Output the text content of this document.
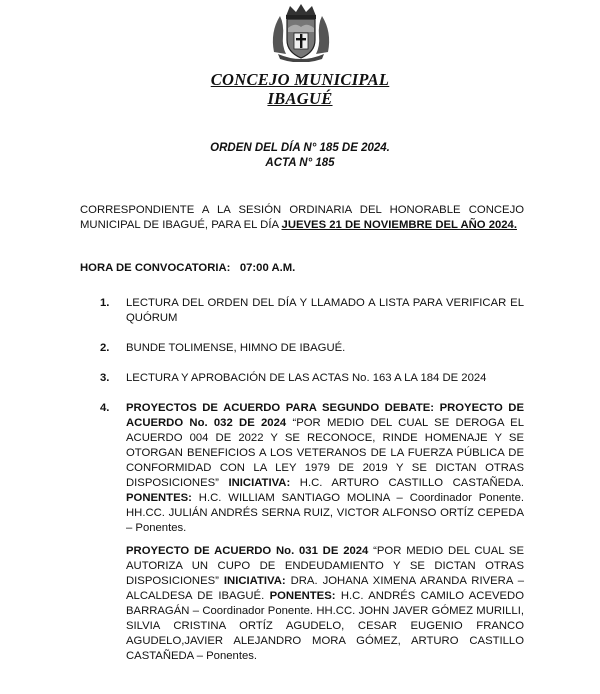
CONCEJO MUNICIPAL
IBAGUÉ
ORDEN DEL DÍA N° 185 DE 2024.
ACTA N° 185
CORRESPONDIENTE A LA SESIÓN ORDINARIA DEL HONORABLE CONCEJO MUNICIPAL DE IBAGUÉ, PARA EL DÍA JUEVES 21 DE NOVIEMBRE DEL AÑO 2024.
HORA DE CONVOCATORIA: 07:00 A.M.
1. LECTURA DEL ORDEN DEL DÍA Y LLAMADO A LISTA PARA VERIFICAR EL QUÓRUM
2. BUNDE TOLIMENSE, HIMNO DE IBAGUÉ.
3. LECTURA Y APROBACIÓN DE LAS ACTAS No. 163 A LA 184 DE 2024
4. PROYECTOS DE ACUERDO PARA SEGUNDO DEBATE: PROYECTO DE ACUERDO No. 032 DE 2024 “POR MEDIO DEL CUAL SE DEROGA EL ACUERDO 004 DE 2022 Y SE RECONOCE, RINDE HOMENAJE Y SE OTORGAN BENEFICIOS A LOS VETERANOS DE LA FUERZA PÚBLICA DE CONFORMIDAD CON LA LEY 1979 DE 2019 Y SE DICTAN OTRAS DISPOSICIONES” INICIATIVA: H.C. ARTURO CASTILLO CASTAÑEDA. PONENTES: H.C. WILLIAM SANTIAGO MOLINA – Coordinador Ponente. HH.CC. JULIÁN ANDRÉS SERNA RUIZ, VICTOR ALFONSO ORTÍZ CEPEDA – Ponentes.
PROYECTO DE ACUERDO No. 031 DE 2024 “POR MEDIO DEL CUAL SE AUTORIZA UN CUPO DE ENDEUDAMIENTO Y SE DICTAN OTRAS DISPOSICIONES” INICIATIVA: DRA. JOHANA XIMENA ARANDA RIVERA – ALCALDESA DE IBAGUÉ. PONENTES: H.C. ANDRÉS CAMILO ACEVEDO BARRAGÁN – Coordinador Ponente. HH.CC. JOHN JAVER GÓMEZ MURILLI, SILVIA CRISTINA ORTÍZ AGUDELO, CESAR EUGENIO FRANCO AGUDELO,JAVIER ALEJANDRO MORA GÓMEZ, ARTURO CASTILLO CASTAÑEDA – Ponentes.
